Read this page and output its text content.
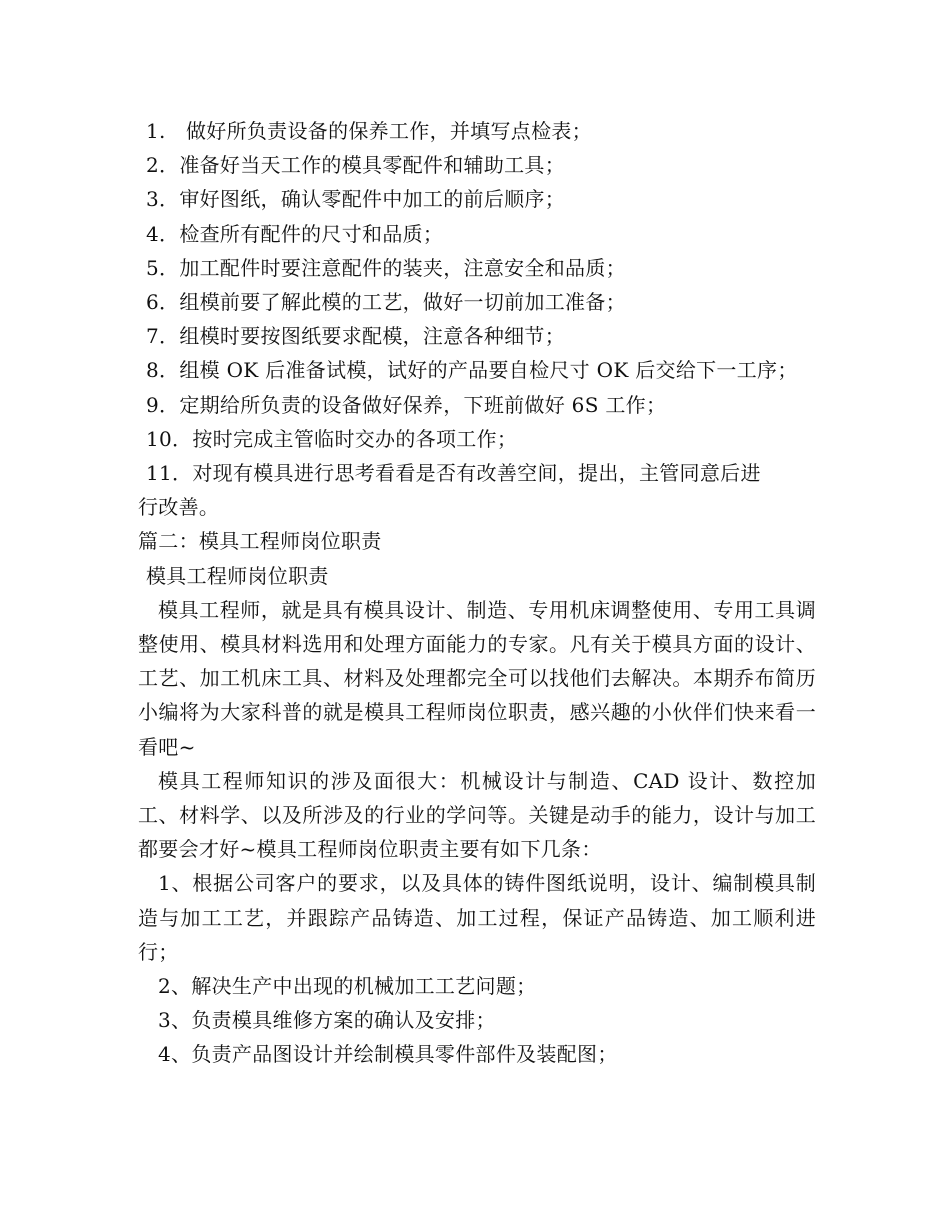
1.　做好所负责设备的保养工作，并填写点检表；

2．准备好当天工作的模具零配件和辅助工具；

3．审好图纸，确认零配件中加工的前后顺序；

4．检查所有配件的尺寸和品质；

5．加工配件时要注意配件的装夹，注意安全和品质；

6．组模前要了解此模的工艺，做好一切前加工准备；

7．组模时要按图纸要求配模，注意各种细节；

8．组模 OK 后准备试模，试好的产品要自检尺寸 OK 后交给下一工序；

9．定期给所负责的设备做好保养，下班前做好 6S 工作；

10．按时完成主管临时交办的各项工作；

11．对现有模具进行思考看看是否有改善空间，提出，主管同意后进

行改善。

篇二：模具工程师岗位职责

模具工程师岗位职责

模具工程师，就是具有模具设计、制造、专用机床调整使用、专用工具调整使用、模具材料选用和处理方面能力的专家。凡有关于模具方面的设计、工艺、加工机床工具、材料及处理都完全可以找他们去解决。本期乔布简历小编将为大家科普的就是模具工程师岗位职责，感兴趣的小伙伴们快来看一看吧~

模具工程师知识的涉及面很大：机械设计与制造、CAD 设计、数控加工、材料学、以及所涉及的行业的学问等。关键是动手的能力，设计与加工都要会才好~模具工程师岗位职责主要有如下几条：

1、根据公司客户的要求，以及具体的铸件图纸说明，设计、编制模具制造与加工工艺，并跟踪产品铸造、加工过程，保证产品铸造、加工顺利进行；

2、解决生产中出现的机械加工工艺问题；

3、负责模具维修方案的确认及安排；

4、负责产品图设计并绘制模具零件部件及装配图；
